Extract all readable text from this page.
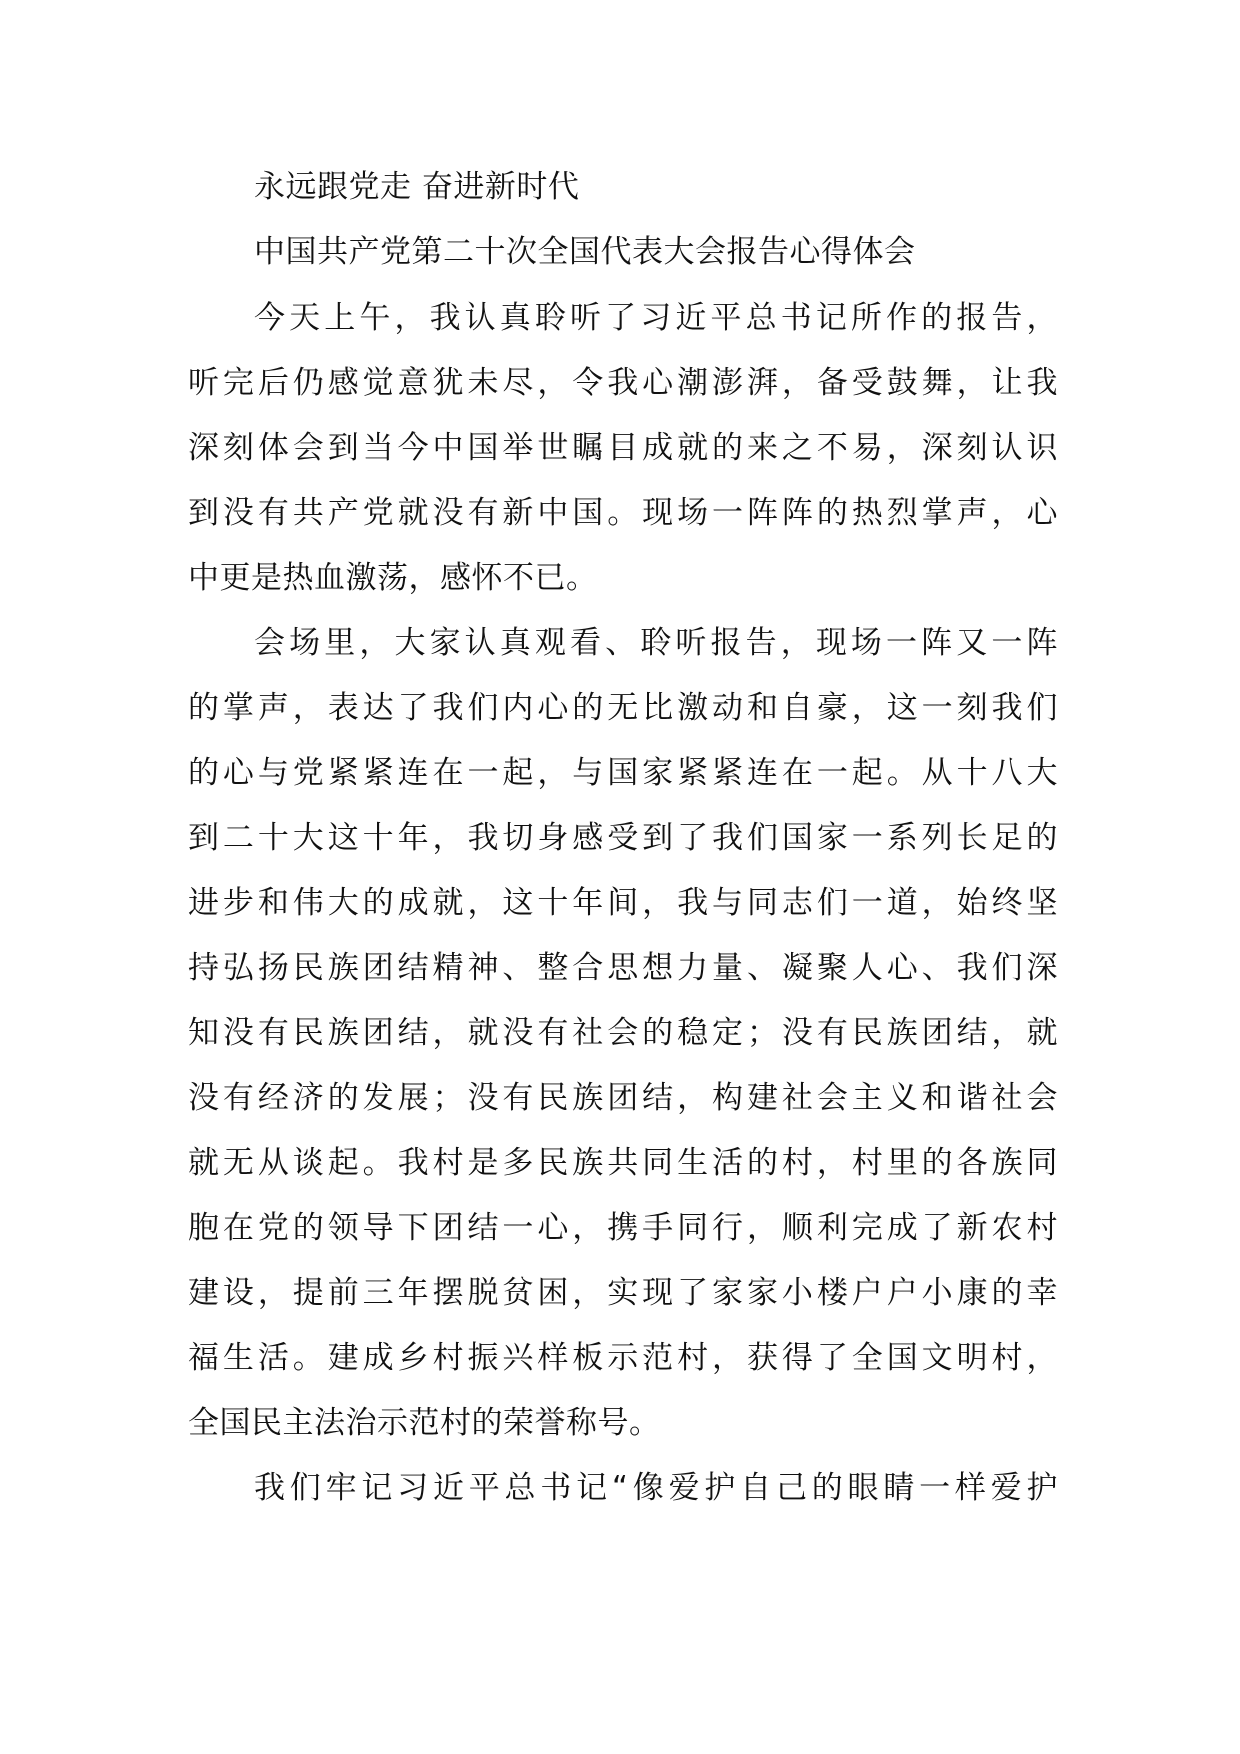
永远跟党走 奋进新时代
中国共产党第二十次全国代表大会报告心得体会
今天上午，我认真聆听了习近平总书记所作的报告，
听完后仍感觉意犹未尽，令我心潮澎湃，备受鼓舞，让我
深刻体会到当今中国举世瞩目成就的来之不易，深刻认识
到没有共产党就没有新中国。现场一阵阵的热烈掌声，心
中更是热血激荡，感怀不已。
会场里，大家认真观看、聆听报告，现场一阵又一阵
的掌声，表达了我们内心的无比激动和自豪，这一刻我们
的心与党紧紧连在一起，与国家紧紧连在一起。从十八大
到二十大这十年，我切身感受到了我们国家一系列长足的
进步和伟大的成就，这十年间，我与同志们一道，始终坚
持弘扬民族团结精神、整合思想力量、凝聚人心、我们深
知没有民族团结，就没有社会的稳定；没有民族团结，就
没有经济的发展；没有民族团结，构建社会主义和谐社会
就无从谈起。我村是多民族共同生活的村，村里的各族同
胞在党的领导下团结一心，携手同行，顺利完成了新农村
建设，提前三年摆脱贫困，实现了家家小楼户户小康的幸
福生活。建成乡村振兴样板示范村，获得了全国文明村，
全国民主法治示范村的荣誉称号。
我们牢记习近平总书记“像爱护自己的眼睛一样爱护
